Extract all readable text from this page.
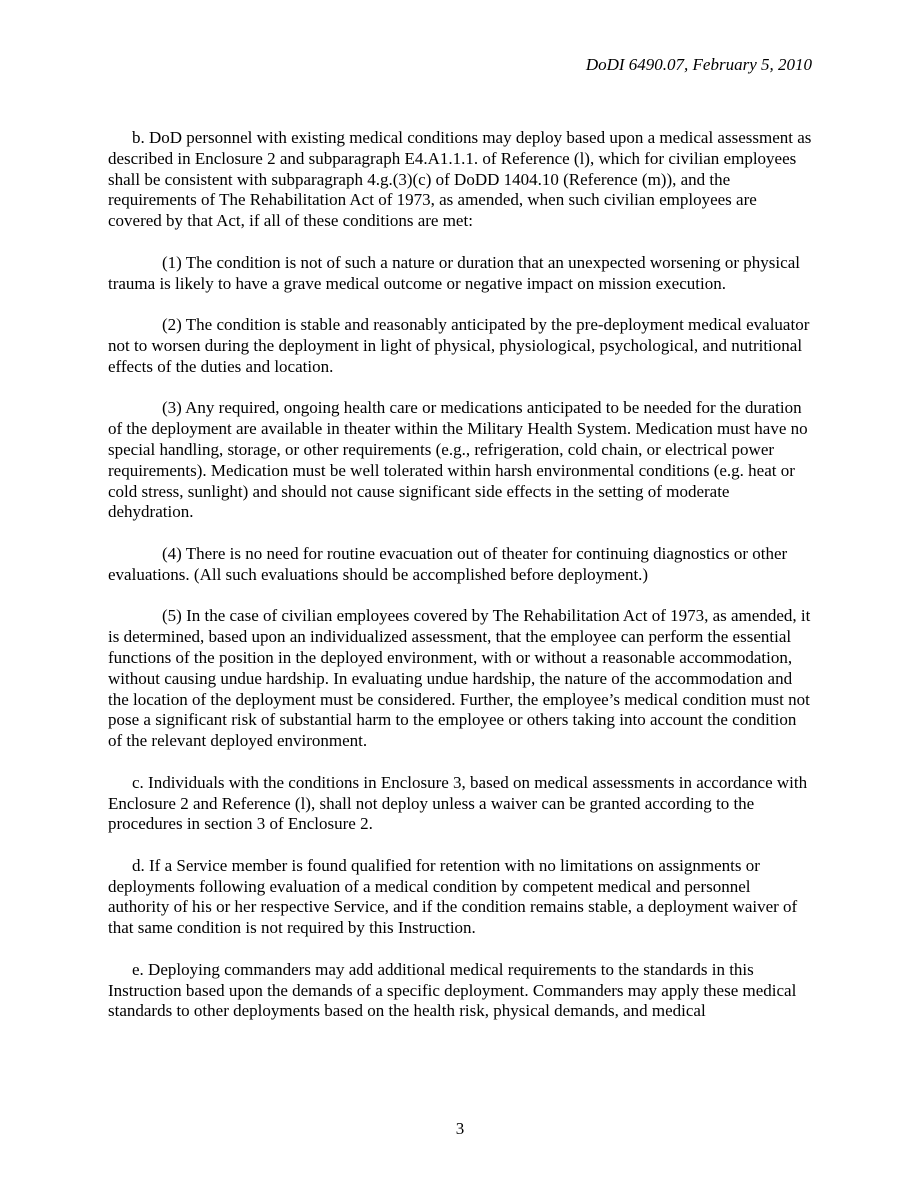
DoDI 6490.07, February 5, 2010

b. DoD personnel with existing medical conditions may deploy based upon a medical assessment as described in Enclosure 2 and subparagraph E4.A1.1.1. of Reference (l), which for civilian employees shall be consistent with subparagraph 4.g.(3)(c) of DoDD 1404.10 (Reference (m)), and the requirements of The Rehabilitation Act of 1973, as amended, when such civilian employees are covered by that Act, if all of these conditions are met:

(1) The condition is not of such a nature or duration that an unexpected worsening or physical trauma is likely to have a grave medical outcome or negative impact on mission execution.

(2) The condition is stable and reasonably anticipated by the pre-deployment medical evaluator not to worsen during the deployment in light of physical, physiological, psychological, and nutritional effects of the duties and location.

(3) Any required, ongoing health care or medications anticipated to be needed for the duration of the deployment are available in theater within the Military Health System. Medication must have no special handling, storage, or other requirements (e.g., refrigeration, cold chain, or electrical power requirements). Medication must be well tolerated within harsh environmental conditions (e.g. heat or cold stress, sunlight) and should not cause significant side effects in the setting of moderate dehydration.

(4) There is no need for routine evacuation out of theater for continuing diagnostics or other evaluations. (All such evaluations should be accomplished before deployment.)

(5) In the case of civilian employees covered by The Rehabilitation Act of 1973, as amended, it is determined, based upon an individualized assessment, that the employee can perform the essential functions of the position in the deployed environment, with or without a reasonable accommodation, without causing undue hardship. In evaluating undue hardship, the nature of the accommodation and the location of the deployment must be considered. Further, the employee’s medical condition must not pose a significant risk of substantial harm to the employee or others taking into account the condition of the relevant deployed environment.

c. Individuals with the conditions in Enclosure 3, based on medical assessments in accordance with Enclosure 2 and Reference (l), shall not deploy unless a waiver can be granted according to the procedures in section 3 of Enclosure 2.

d. If a Service member is found qualified for retention with no limitations on assignments or deployments following evaluation of a medical condition by competent medical and personnel authority of his or her respective Service, and if the condition remains stable, a deployment waiver of that same condition is not required by this Instruction.

e. Deploying commanders may add additional medical requirements to the standards in this Instruction based upon the demands of a specific deployment. Commanders may apply these medical standards to other deployments based on the health risk, physical demands, and medical

3
